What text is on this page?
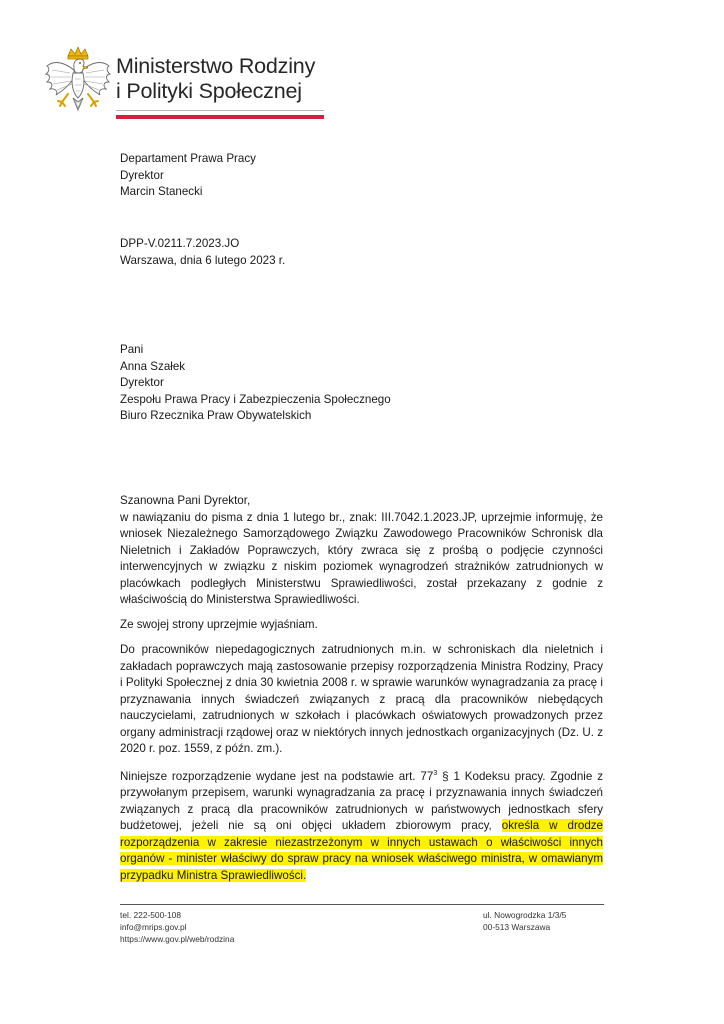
Ministerstwo Rodziny
i Polityki Społecznej
Departament Prawa Pracy
Dyrektor
Marcin Stanecki
DPP-V.0211.7.2023.JO
Warszawa, dnia 6 lutego 2023 r.
Pani
Anna Szałek
Dyrektor
Zespołu Prawa Pracy i Zabezpieczenia Społecznego
Biuro Rzecznika Praw Obywatelskich

Szanowna Pani Dyrektor,

w nawiązaniu do pisma z dnia 1 lutego br., znak: III.7042.1.2023.JP, uprzejmie informuję, że wniosek Niezależnego Samorządowego Związku Zawodowego Pracowników Schronisk dla Nieletnich i Zakładów Poprawczych, który zwraca się z prośbą o podjęcie czynności interwencyjnych w związku z niskim poziomek wynagrodzeń strażników zatrudnionych w placówkach podległych Ministerstwu Sprawiedliwości, został przekazany z godnie z właściwością do Ministerstwa Sprawiedliwości.

Ze swojej strony uprzejmie wyjaśniam.

Do pracowników niepedagogicznych zatrudnionych m.in. w schroniskach dla nieletnich i zakładach poprawczych mają zastosowanie przepisy rozporządzenia Ministra Rodziny, Pracy i Polityki Społecznej z dnia 30 kwietnia 2008 r. w sprawie warunków wynagradzania za pracę i przyznawania innych świadczeń związanych z pracą dla pracowników niebędących nauczycielami, zatrudnionych w szkołach i placówkach oświatowych prowadzonych przez organy administracji rządowej oraz w niektórych innych jednostkach organizacyjnych (Dz. U. z 2020 r. poz. 1559, z późn. zm.).

Niniejsze rozporządzenie wydane jest na podstawie art. $77^3$ § 1 Kodeksu pracy. Zgodnie z przywołanym przepisem, warunki wynagradzania za pracę i przyznawania innych świadczeń związanych z pracą dla pracowników zatrudnionych w państwowych jednostkach sfery budżetowej, jeżeli nie są oni objęci układem zbiorowym pracy, określa w drodze rozporządzenia w zakresie niezastrzeżonym w innych ustawach o właściwości innych organów - minister właściwy do spraw pracy na wniosek właściwego ministra, w omawianym przypadku Ministra Sprawiedliwości.

tel. 222-500-108
info@mrips.gov.pl
https://www.gov.pl/web/rodzina
ul. Nowogrodzka 1/3/5
00-513 Warszawa
